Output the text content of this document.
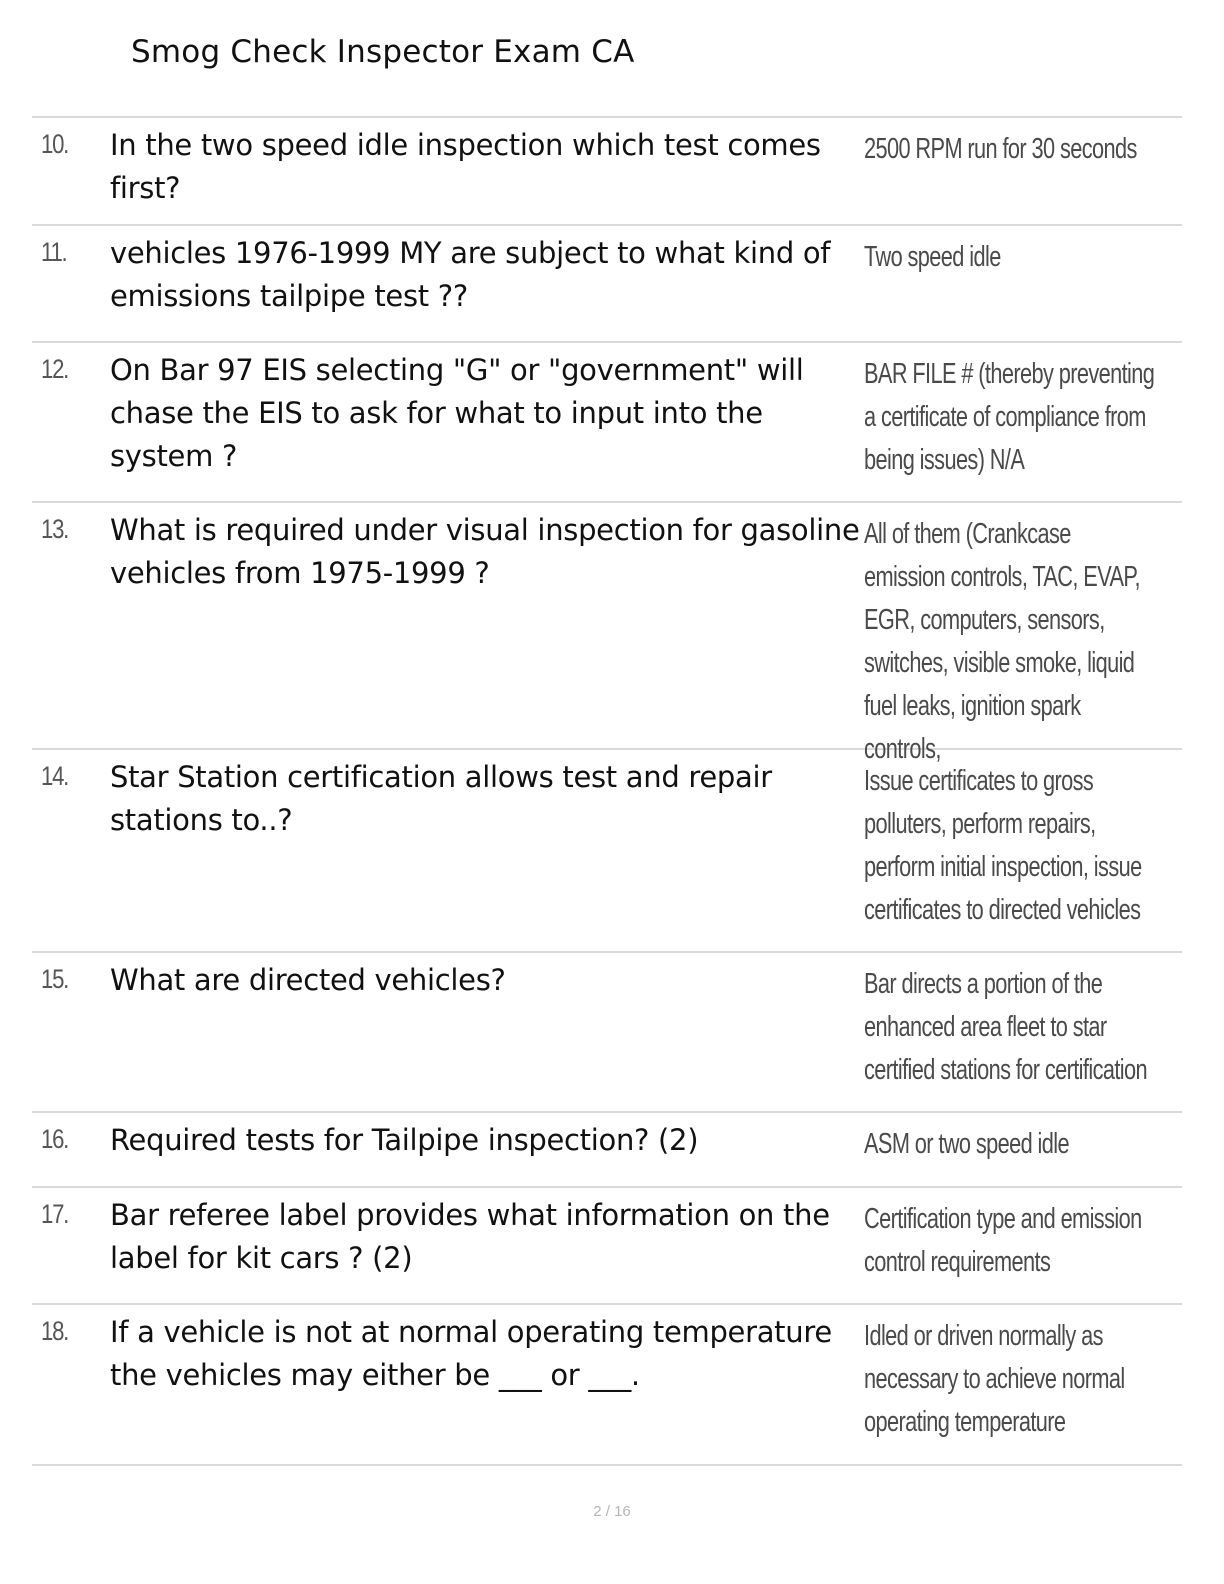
Smog Check Inspector Exam CA
10. In the two speed idle inspection which test comes first?
2500 RPM run for 30 seconds
11. vehicles 1976-1999 MY are subject to what kind of emissions tailpipe test ??
Two speed idle
12. On Bar 97 EIS selecting "G" or "government" will chase the EIS to ask for what to input into the system ?
BAR FILE # (thereby preventing a certificate of compliance from being issues) N/A
13. What is required under visual inspection for gasoline vehicles from 1975-1999 ?
All of them (Crankcase emission controls, TAC, EVAP, EGR, computers, sensors, switches, visible smoke, liquid fuel leaks, ignition spark controls,
14. Star Station certification allows test and repair stations to..?
Issue certificates to gross polluters, perform repairs, perform initial inspection, issue certificates to directed vehicles
15. What are directed vehicles?	Bar directs a portion of the enhanced area fleet to star certified stations for certification
16. Required tests for Tailpipe inspection? (2)	ASM or two speed idle
17. Bar referee label provides what information on the label for kit cars ? (2)
Certification type and emission control requirements
18. If a vehicle is not at normal operating temperature the vehicles may either be ___ or ___.
Idled or driven normally as necessary to achieve normal operating temperature
2 / 16
